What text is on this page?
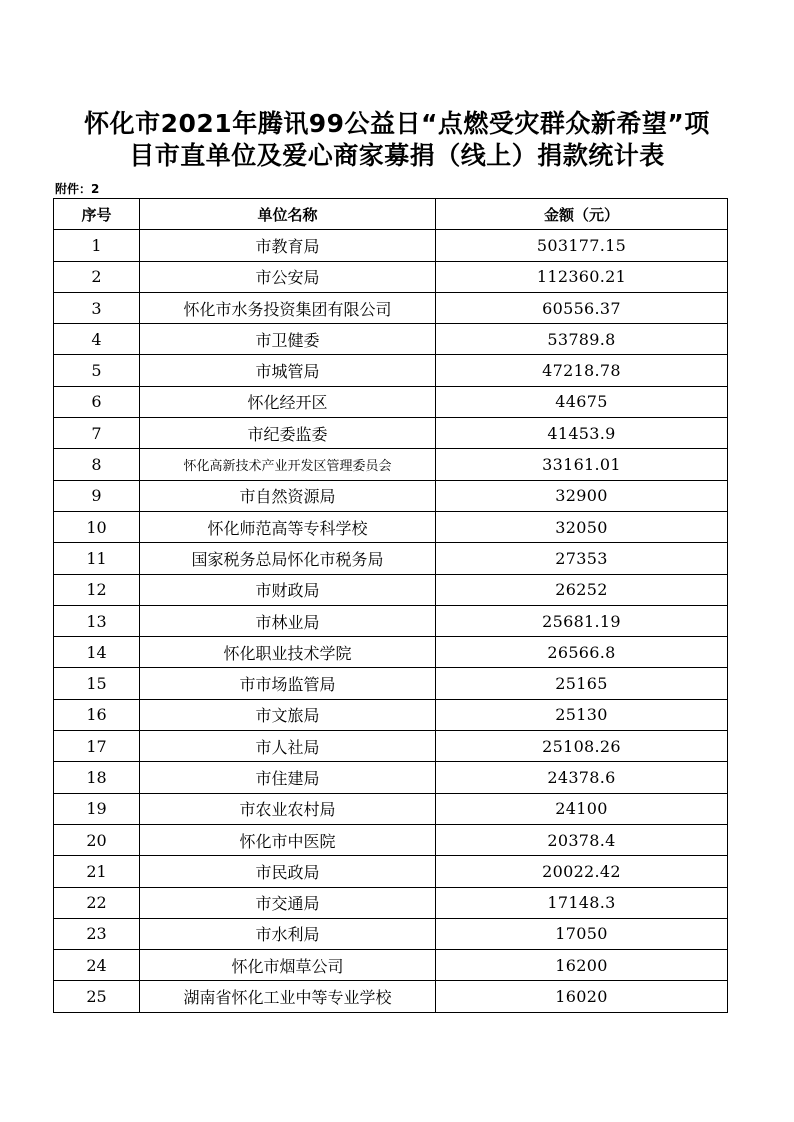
怀化市2021年腾讯99公益日“点燃受灾群众新希望”项
目市直单位及爱心商家募捐（线上）捐款统计表
附件：2
序号	单位名称	金额（元）
1	市教育局	503177.15
2	市公安局	112360.21
3	怀化市水务投资集团有限公司	60556.37
4	市卫健委	53789.8
5	市城管局	47218.78
6	怀化经开区	44675
7	市纪委监委	41453.9
8	怀化高新技术产业开发区管理委员会	33161.01
9	市自然资源局	32900
10	怀化师范高等专科学校	32050
11	国家税务总局怀化市税务局	27353
12	市财政局	26252
13	市林业局	25681.19
14	怀化职业技术学院	26566.8
15	市市场监管局	25165
16	市文旅局	25130
17	市人社局	25108.26
18	市住建局	24378.6
19	市农业农村局	24100
20	怀化市中医院	20378.4
21	市民政局	20022.42
22	市交通局	17148.3
23	市水利局	17050
24	怀化市烟草公司	16200
25	湖南省怀化工业中等专业学校	16020
